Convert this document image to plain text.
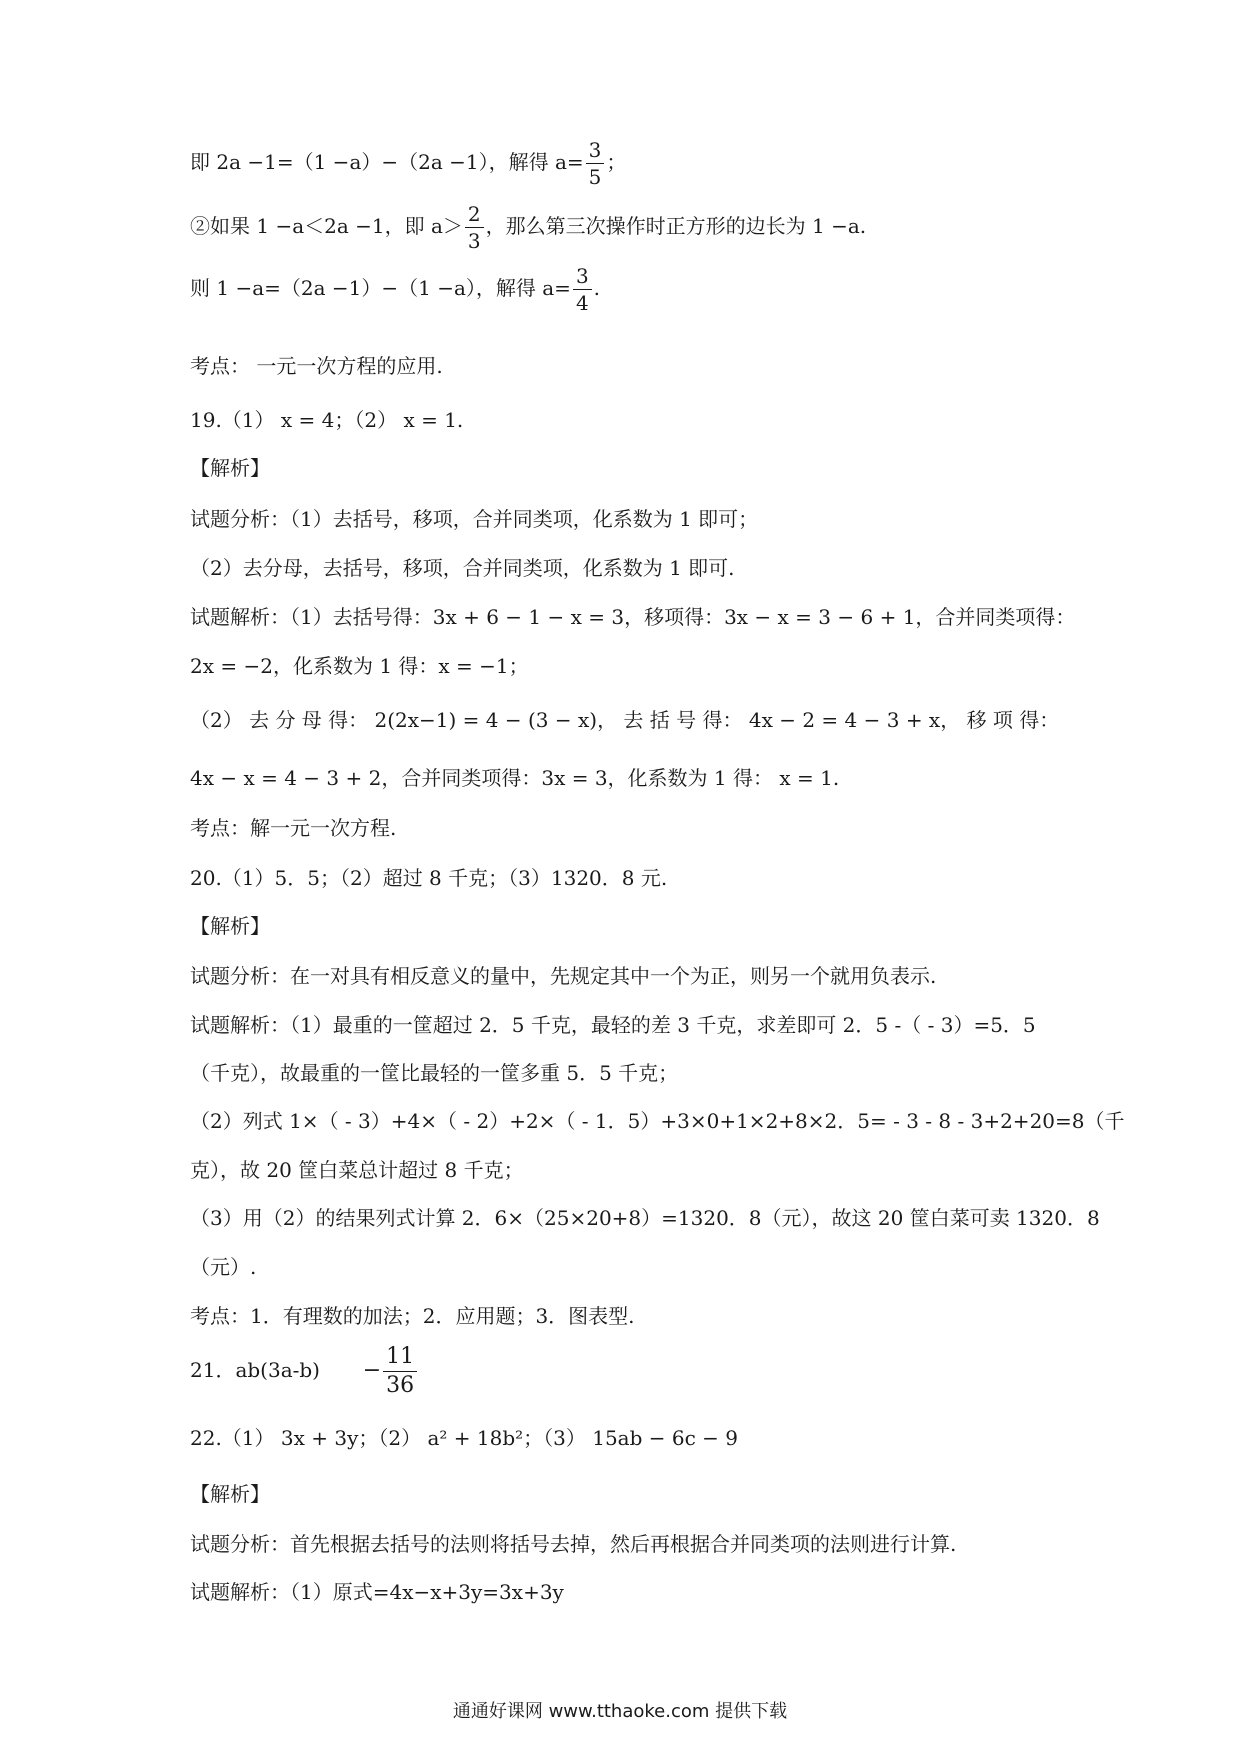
即 2a −1=（1 −a）−（2a −1），解得 $a= \frac{3}{5}$ ；
②如果 1 −a＜2a −1，即 $a> \frac{2}{3}$ ，那么第三次操作时正方形的边长为 1 −a.
则 1 −a=（2a −1）−（1 −a），解得 $a= \frac{3}{4}$ .
考点： 一元一次方程的应用.
19.（1） x = 4；（2） x = 1.
【解析】
试题分析：（1）去括号，移项，合并同类项，化系数为 1 即可；
（2）去分母，去括号，移项，合并同类项，化系数为 1 即可.
试题解析：（1）去括号得：3x + 6 − 1 − x = 3，移项得：3x − x = 3 − 6 + 1，合并同类项得：
2x = −2，化系数为 1 得：x = −1；
（2） 去 分 母 得： 2(2x−1) = 4 − (3 − x)， 去 括 号 得： 4x − 2 = 4 − 3 + x， 移 项 得：
4x − x = 4 − 3 + 2，合并同类项得：3x = 3，化系数为 1 得： x = 1.
考点：解一元一次方程.
20.（1）5．5；（2）超过 8 千克；（3）1320．8 元.
【解析】
试题分析：在一对具有相反意义的量中，先规定其中一个为正，则另一个就用负表示.
试题解析：（1）最重的一筐超过 2．5 千克，最轻的差 3 千克，求差即可 2．5 -（ - 3）=5．5
（千克），故最重的一筐比最轻的一筐多重 5．5 千克；
（2）列式 1×（ - 3）+4×（ - 2）+2×（ - 1．5）+3×0+1×2+8×2．5= - 3 - 8 - 3+2+20=8（千
克），故 20 筐白菜总计超过 8 千克；
（3）用（2）的结果列式计算 2．6×（25×20+8）=1320．8（元），故这 20 筐白菜可卖 1320．8
（元）.
考点：1．有理数的加法；2．应用题；3．图表型.
21．$ab(3a-b) - \frac{11}{36}$
22.（1） 3x + 3y；（2） a² + 18b²；（3） 15ab − 6c − 9
【解析】
试题分析：首先根据去括号的法则将括号去掉，然后再根据合并同类项的法则进行计算.
试题解析：（1）原式=4x−x+3y=3x+3y
通通好课网 www.tthaoke.com 提供下载
